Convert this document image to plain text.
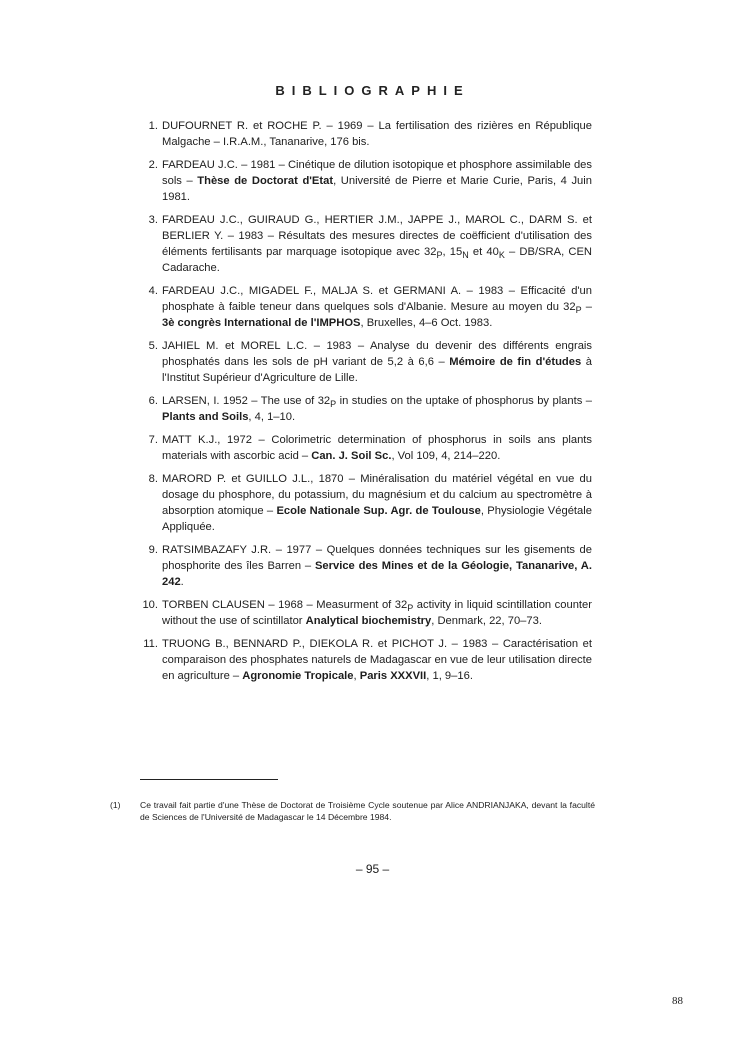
BIBLIOGRAPHIE
1. DUFOURNET R. et ROCHE P. – 1969 – La fertilisation des rizières en République Malgache – I.R.A.M., Tananarive, 176 bis.
2. FARDEAU J.C. – 1981 – Cinétique de dilution isotopique et phosphore assimilable des sols – Thèse de Doctorat d'Etat, Université de Pierre et Marie Curie, Paris, 4 Juin 1981.
3. FARDEAU J.C., GUIRAUD G., HERTIER J.M., JAPPE J., MAROL C., DARM S. et BERLIER Y. – 1983 – Résultats des mesures directes de coëfficient d'utilisation des éléments fertilisants par marquage isotopique avec $32_P$, $15_N$ et $40_K - DB/SRA$, CEN Cadarache.
4. FARDEAU J.C., MIGADEL F., MALJA S. et GERMANI A. – 1983 – Efficacité d'un phosphate à faible teneur dans quelques sols d'Albanie. Mesure au moyen du $32_P$ – 3è congrès International de l'IMPHOS, Bruxelles, 4–6 Oct. 1983.
5. JAHIEL M. et MOREL L.C. – 1983 – Analyse du devenir des différents engrais phosphatés dans les sols de pH variant de 5,2 à 6,6 – Mémoire de fin d'études à l'Institut Supérieur d'Agriculture de Lille.
6. LARSEN, I. 1952 – The use of $32_P$ in studies on the uptake of phosphorus by plants – Plants and Soils, 4, 1–10.
7. MATT K.J., 1972 – Colorimetric determination of phosphorus in soils ans plants materials with ascorbic acid – Can. J. Soil Sc., Vol 109, 4, 214–220.
8. MARORD P. et GUILLO J.L., 1870 – Minéralisation du matériel végétal en vue du dosage du phosphore, du potassium, du magnésium et du calcium au spectromètre à absorption atomique – Ecole Nationale Sup. Agr. de Toulouse, Physiologie Végétale Appliquée.
9. RATSIMBAZAFY J.R. – 1977 – Quelques données techniques sur les gisements de phosphorite des îles Barren – Service des Mines et de la Géologie, Tananarive, A. 242.
10. TORBEN CLAUSEN – 1968 – Measurment of $32_P$ activity in liquid scintillation counter without the use of scintillator Analytical biochemistry, Denmark, 22, 70–73.
11. TRUONG B., BENNARD P., DIEKOLA R. et PICHOT J. – 1983 – Caractérisation et comparaison des phosphates naturels de Madagascar en vue de leur utilisation directe en agriculture – Agronomie Tropicale, Paris XXXVII, 1, 9–16.
(1) Ce travail fait partie d'une Thèse de Doctorat de Troisième Cycle soutenue par Alice ANDRIANJAKA, devant la faculté de Sciences de l'Université de Madagascar le 14 Décembre 1984.
– 95 –
88
